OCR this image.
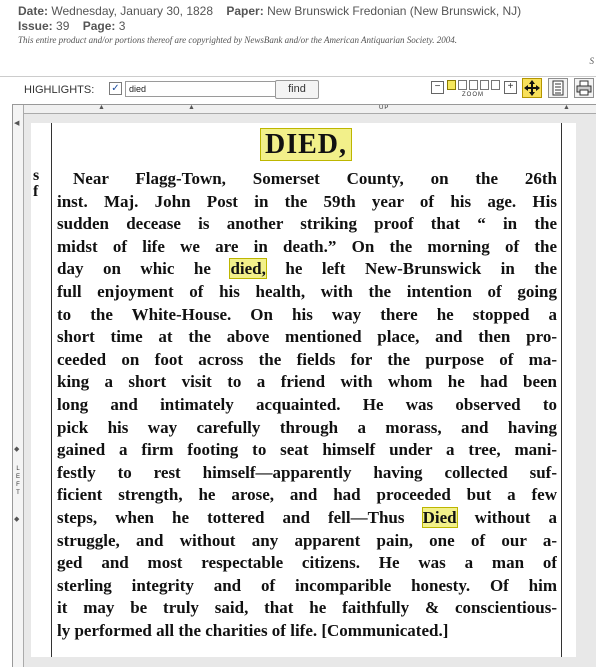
Date: Wednesday, January 30, 1828 Paper: New Brunswick Fredonian (New Brunswick, NJ)
Issue: 39 Page: 3
This entire product and/or portions thereof are copyrighted by NewsBank and/or the American Antiquarian Society. 2004.
S
HIGHLIGHTS: ✓
died	find	−
ZOOM
+
▲	▲	UP	▲
◀
◆
L
E
F
T
◆
s
f
DIED,
Near Flagg-Town, Somerset County, on the 26th
inst. Maj. John Post in the 59th year of his age. His
sudden decease is another striking proof that “ in the
midst of life we are in death.” On the morning of the
day on whic he died, he left New-Brunswick in the
full enjoyment of his health, with the intention of going
to the White-House. On his way there he stopped a
short time at the above mentioned place, and then pro-
ceeded on foot across the fields for the purpose of ma-
king a short visit to a friend with whom he had been
long and intimately acquainted. He was observed to
pick his way carefully through a morass, and having
gained a firm footing to seat himself under a tree, mani-
festly to rest himself—apparently having collected suf-
ficient strength, he arose, and had proceeded but a few
steps, when he tottered and fell—Thus Died without a
struggle, and without any apparent pain, one of our a-
ged and most respectable citizens. He was a man of
sterling integrity and of incomparible honesty. Of him
it may be truly said, that he faithfully & conscientious-
ly performed all the charities of life. [Communicated.]
